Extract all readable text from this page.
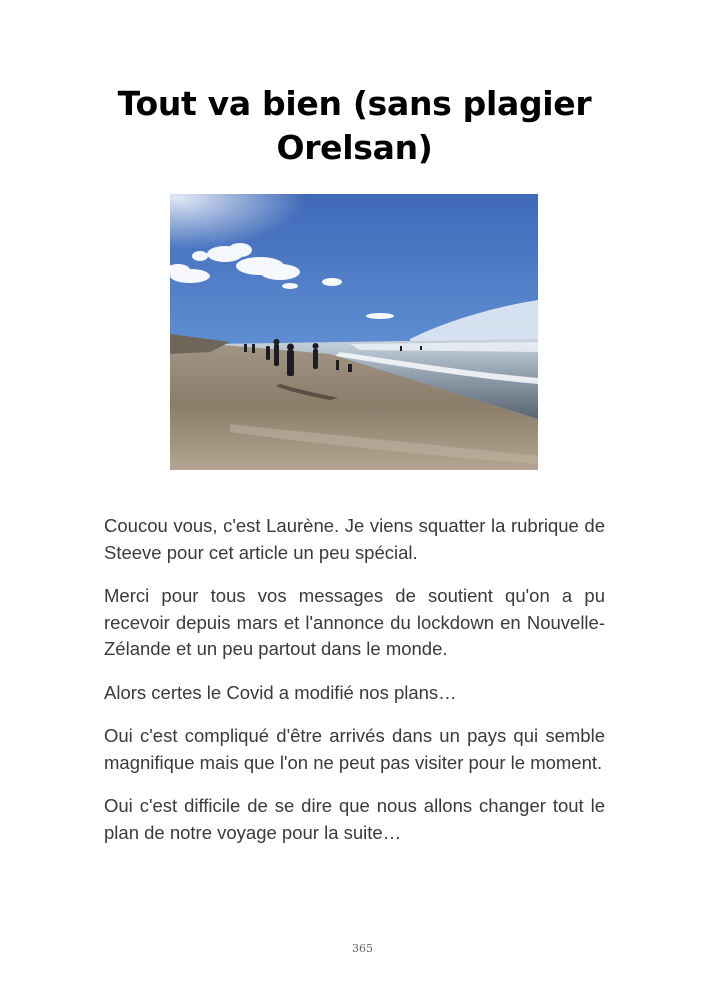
Tout va bien (sans plagier Orelsan)

Coucou vous, c'est Laurène. Je viens squatter la rubrique de Steeve pour cet article un peu spécial.

Merci pour tous vos messages de soutient qu'on a pu recevoir depuis mars et l'annonce du lockdown en Nouvelle-Zélande et un peu partout dans le monde.

Alors certes le Covid a modifié nos plans…

Oui c'est compliqué d'être arrivés dans un pays qui semble magnifique mais que l'on ne peut pas visiter pour le moment.

Oui c'est difficile de se dire que nous allons changer tout le plan de notre voyage pour la suite…

365
